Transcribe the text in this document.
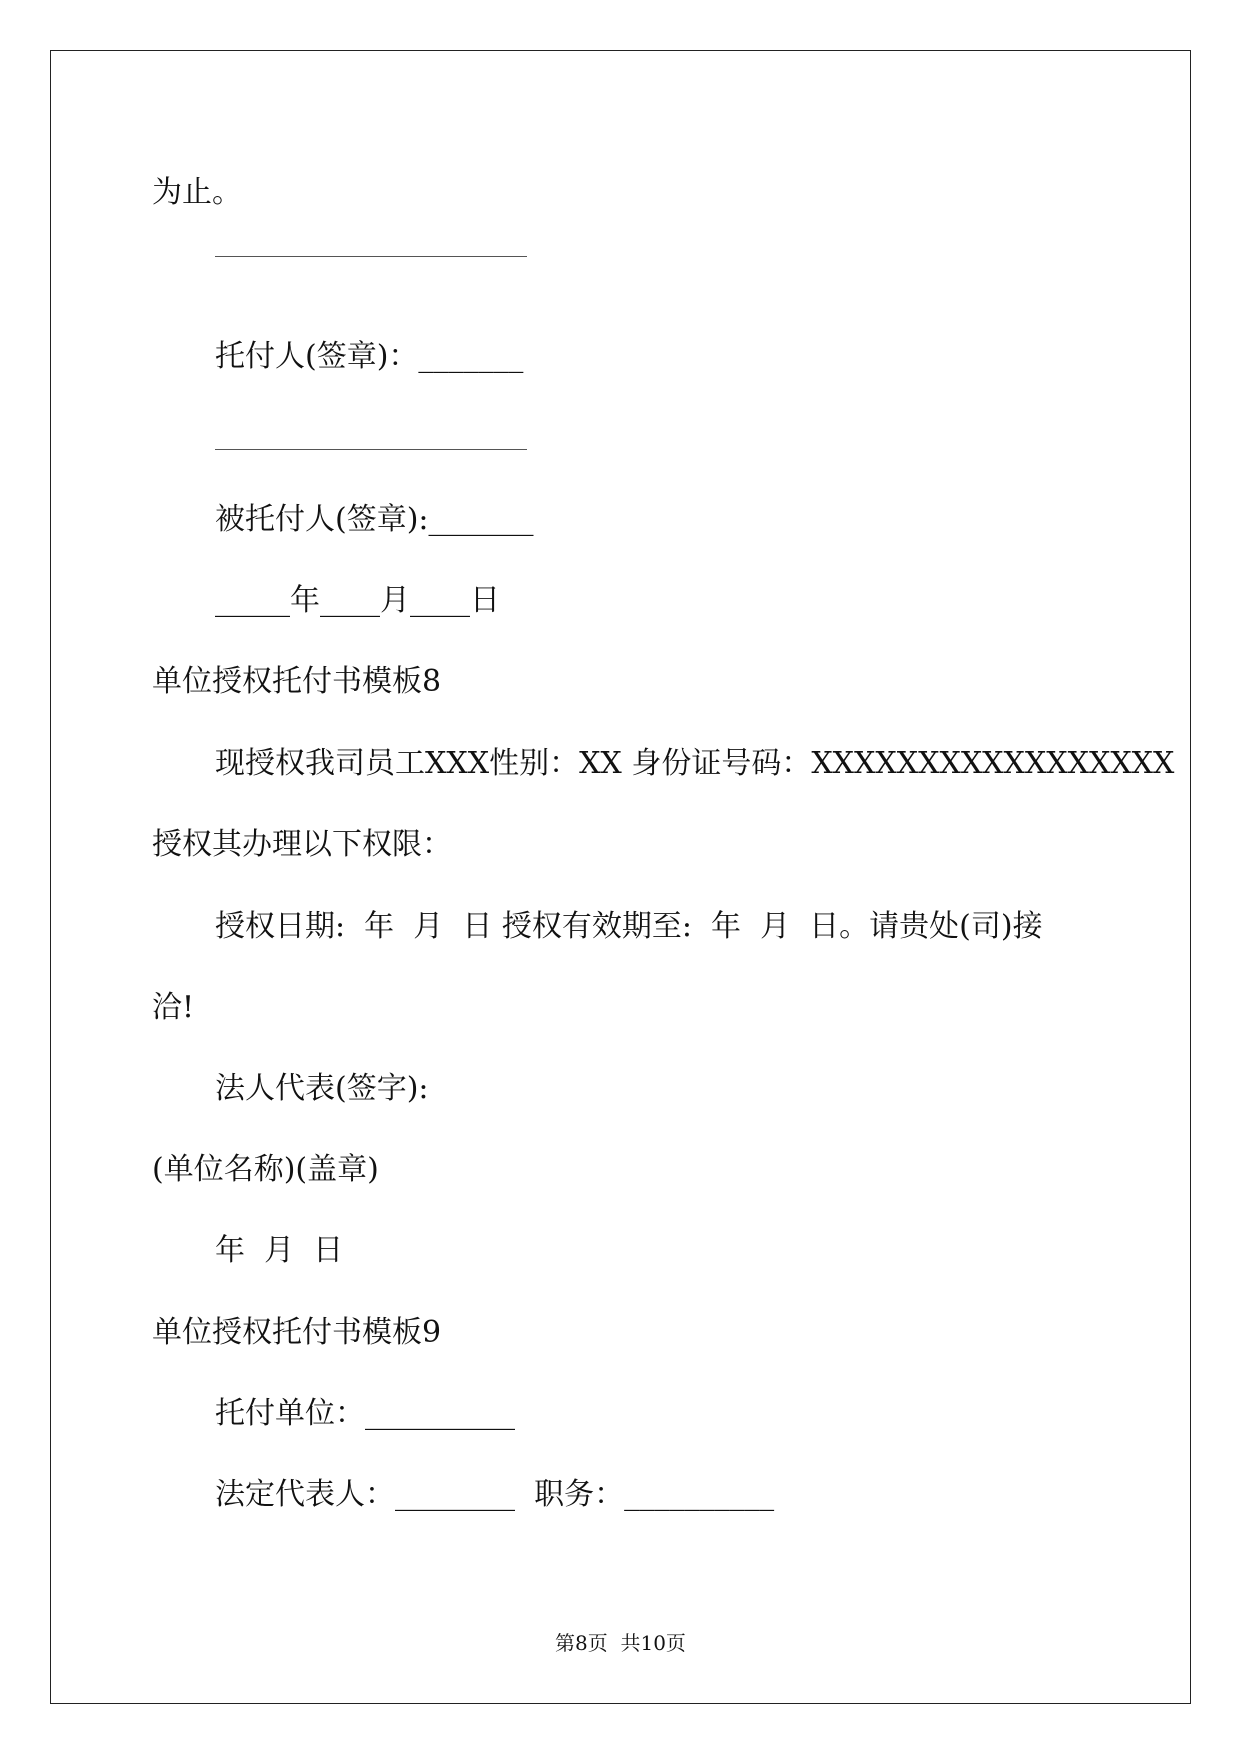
为止。
托付人(签章)：_______
被托付人(签章):_______
_____年____月____日
单位授权托付书模板8
现授权我司员工XXX性别：XX 身份证号码：XXXXXXXXXXXXXXXXX
授权其办理以下权限：
授权日期:  年  月  日 授权有效期至:  年  月  日。请贵处(司)接
洽!
法人代表(签字):
(单位名称)(盖章)
年  月  日
单位授权托付书模板9
托付单位：__________
法定代表人：________  职务：__________
第8页  共10页
